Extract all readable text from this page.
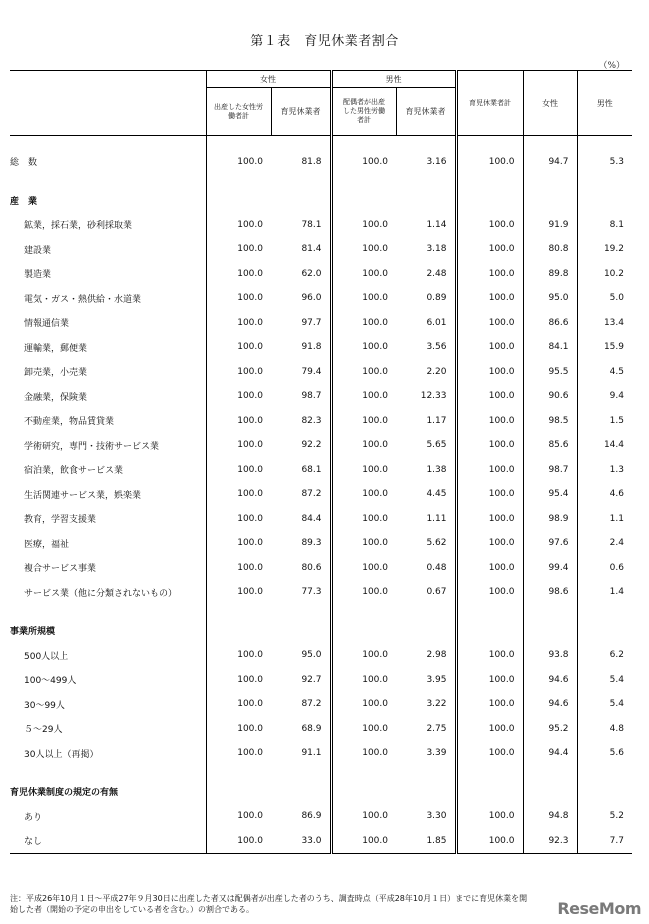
第１表　育児休業者割合
（%）
	女性		男性		育児休業者計	女性	男性
	出産した女性労働者計	育児休業者	配偶者が出産した男性労働者計	育児休業者			

総　数	100.0	81.8	100.0	3.16	100.0	94.7	5.3

産　業							
鉱業，採石業，砂利採取業	100.0	78.1	100.0	1.14	100.0	91.9	8.1
建設業	100.0	81.4	100.0	3.18	100.0	80.8	19.2
製造業	100.0	62.0	100.0	2.48	100.0	89.8	10.2
電気・ガス・熱供給・水道業	100.0	96.0	100.0	0.89	100.0	95.0	5.0
情報通信業	100.0	97.7	100.0	6.01	100.0	86.6	13.4
運輸業，郵便業	100.0	91.8	100.0	3.56	100.0	84.1	15.9
卸売業，小売業	100.0	79.4	100.0	2.20	100.0	95.5	4.5
金融業，保険業	100.0	98.7	100.0	12.33	100.0	90.6	9.4
不動産業，物品賃貸業	100.0	82.3	100.0	1.17	100.0	98.5	1.5
学術研究，専門・技術サービス業	100.0	92.2	100.0	5.65	100.0	85.6	14.4
宿泊業，飲食サービス業	100.0	68.1	100.0	1.38	100.0	98.7	1.3
生活関連サービス業，娯楽業	100.0	87.2	100.0	4.45	100.0	95.4	4.6
教育，学習支援業	100.0	84.4	100.0	1.11	100.0	98.9	1.1
医療，福祉	100.0	89.3	100.0	5.62	100.0	97.6	2.4
複合サービス事業	100.0	80.6	100.0	0.48	100.0	99.4	0.6
サービス業（他に分類されないもの）	100.0	77.3	100.0	0.67	100.0	98.6	1.4

事業所規模							
500人以上	100.0	95.0	100.0	2.98	100.0	93.8	6.2
100～499人	100.0	92.7	100.0	3.95	100.0	94.6	5.4
30～99人	100.0	87.2	100.0	3.22	100.0	94.6	5.4
５～29人	100.0	68.9	100.0	2.75	100.0	95.2	4.8
30人以上（再掲）	100.0	91.1	100.0	3.39	100.0	94.4	5.6

育児休業制度の規定の有無							
あり	100.0	86.9	100.0	3.30	100.0	94.8	5.2
なし	100.0	33.0	100.0	1.85	100.0	92.3	7.7
注：平成26年10月１日～平成27年９月30日に出産した者又は配偶者が出産した者のうち、調査時点（平成28年10月１日）までに育児休業を開始した者（開始の予定の申出をしている者を含む。）の割合である。	ReseMom
